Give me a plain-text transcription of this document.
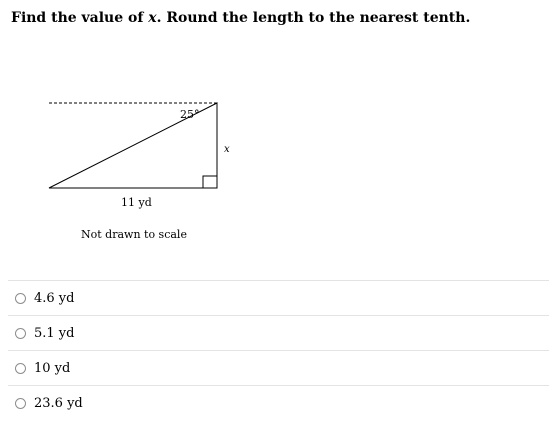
Find the value of x. Round the length to the nearest tenth.
25°
x
11 yd
Not drawn to scale
4.6 yd
5.1 yd
10 yd
23.6 yd
